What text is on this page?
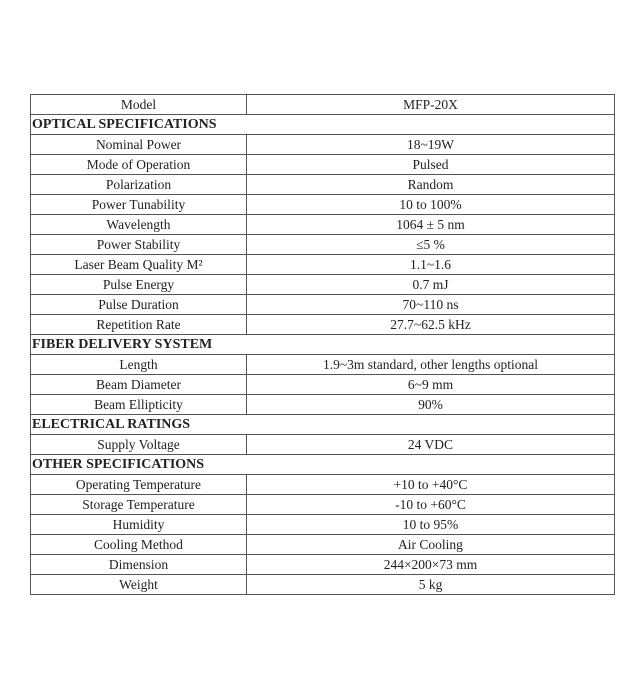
Model	MFP-20X
OPTICAL SPECIFICATIONS	
Nominal Power	18~19W
Mode of Operation	Pulsed
Polarization	Random
Power Tunability	10 to 100%
Wavelength	1064 ± 5 nm
Power Stability	≤5 %
Laser Beam Quality M²	1.1~1.6
Pulse Energy	0.7 mJ
Pulse Duration	70~110 ns
Repetition Rate	27.7~62.5 kHz
FIBER DELIVERY SYSTEM	
Length	1.9~3m standard, other lengths optional
Beam Diameter	6~9 mm
Beam Ellipticity	90%
ELECTRICAL RATINGS	
Supply Voltage	24 VDC
OTHER SPECIFICATIONS	
Operating Temperature	+10 to +40°C
Storage Temperature	-10 to +60°C
Humidity	10 to 95%
Cooling Method	Air Cooling
Dimension	244×200×73 mm
Weight	5 kg
